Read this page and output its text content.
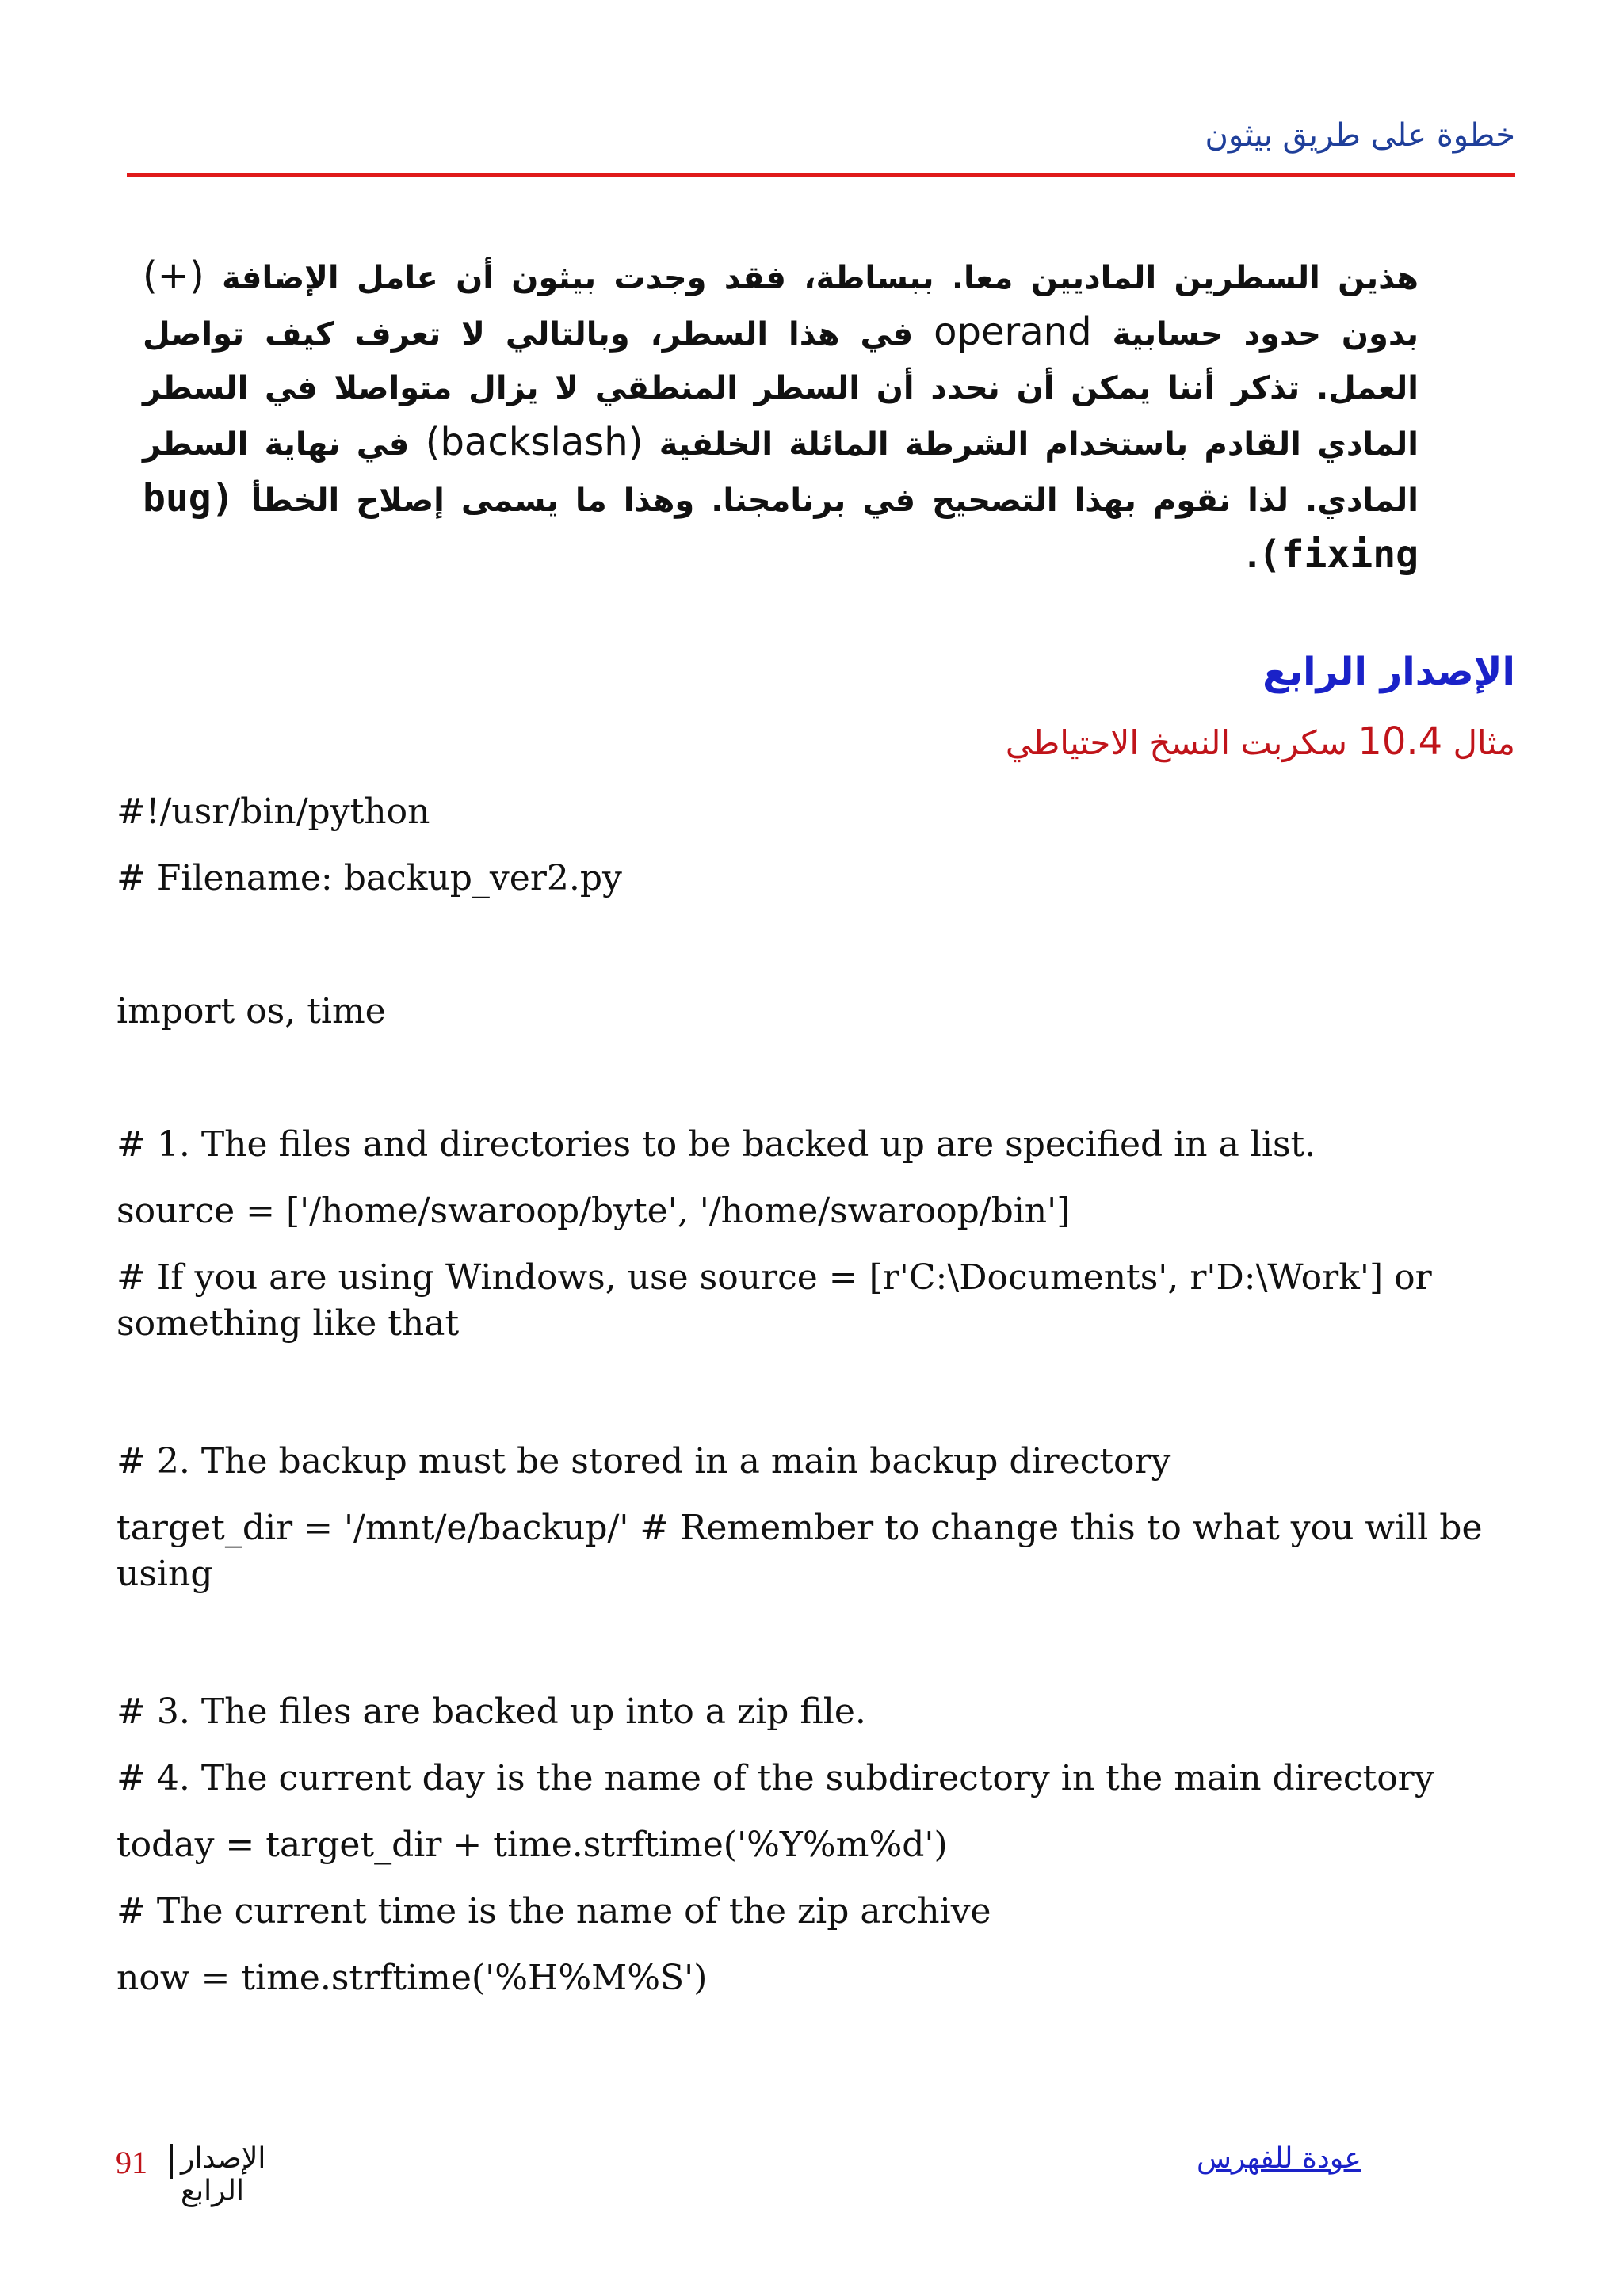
خطوة على طريق بيثون
هذين السطرين الماديين معا. ببساطة، فقد وجدت بيثون أن عامل الإضافة (+) بدون حدود حسابية operand في هذا السطر، وبالتالي لا تعرف كيف تواصل العمل. تذكر أننا يمكن أن نحدد أن السطر المنطقي لا يزال متواصلا في السطر المادي القادم باستخدام الشرطة المائلة الخلفية (backslash) في نهاية السطر المادي. لذا نقوم بهذا التصحيح في برنامجنا. وهذا ما يسمى إصلاح الخطأ (bug fixing).
الإصدار الرابع
مثال 10.4 سكربت النسخ الاحتياطي
#!/usr/bin/python
# Filename: backup_ver2.py
import os, time
# 1. The files and directories to be backed up are specified in a list.
source = ['/home/swaroop/byte', '/home/swaroop/bin']
# If you are using Windows, use source = [r'C:\Documents', r'D:\Work'] or something like that
# 2. The backup must be stored in a main backup directory
target_dir = '/mnt/e/backup/' # Remember to change this to what you will be using
# 3. The files are backed up into a zip file.
# 4. The current day is the name of the subdirectory in the main directory
today = target_dir + time.strftime('%Y%m%d')
# The current time is the name of the zip archive
now = time.strftime('%H%M%S')
91 الإصدار الرابع
عودة للفهرس
